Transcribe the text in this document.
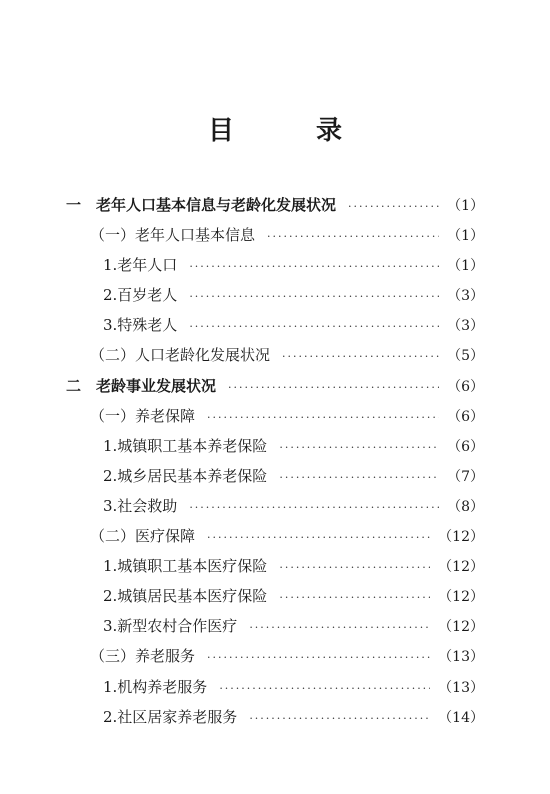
目　录
一　老年人口基本信息与老龄化发展状况 ·····	（1）
（一）老年人口基本信息 ·····	（1）
1.老年人口 ·····	（1）
2.百岁老人 ·····	（3）
3.特殊老人 ·····	（3）
（二）人口老龄化发展状况 ·····	（5）
二　老龄事业发展状况 ·····	（6）
（一）养老保障 ·····	（6）
1.城镇职工基本养老保险 ·····	（6）
2.城乡居民基本养老保险 ·····	（7）
3.社会救助 ·····	（8）
（二）医疗保障 ·····	（12）
1.城镇职工基本医疗保险 ·····	（12）
2.城镇居民基本医疗保险 ·····	（12）
3.新型农村合作医疗 ·····	（12）
（三）养老服务 ·····	（13）
1.机构养老服务 ·····	（13）
2.社区居家养老服务 ·····	（14）
